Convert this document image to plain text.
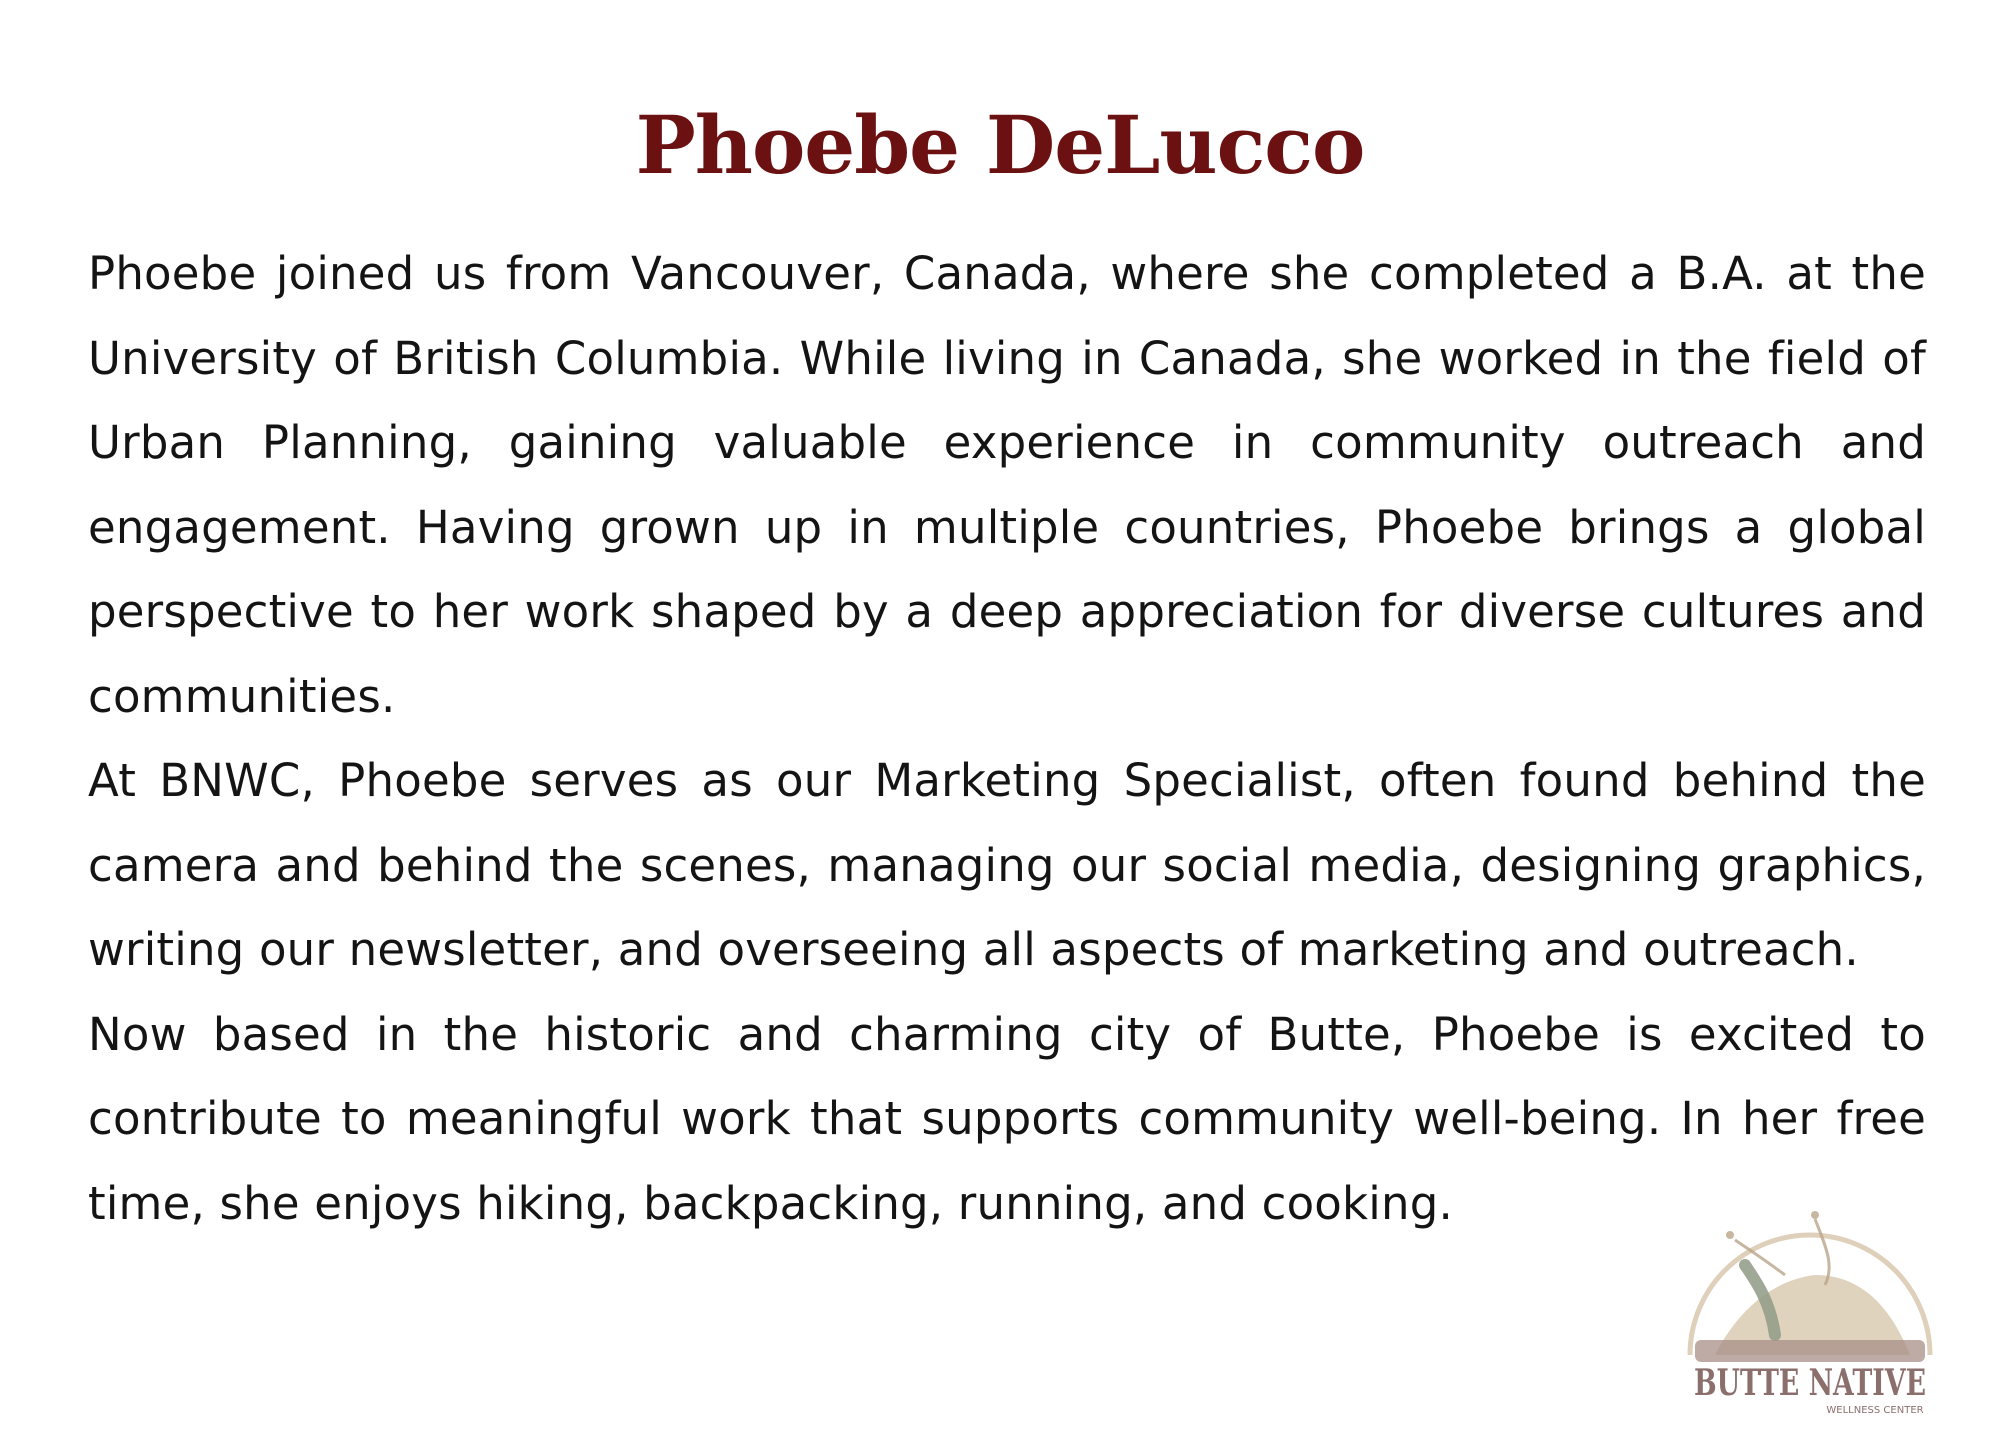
Phoebe DeLucco

Phoebe joined us from Vancouver, Canada, where she completed a B.A. at the University of British Columbia. While living in Canada, she worked in the field of Urban Planning, gaining valuable experience in community outreach and engagement. Having grown up in multiple countries, Phoebe brings a global perspective to her work shaped by a deep appreciation for diverse cultures and communities.

At BNWC, Phoebe serves as our Marketing Specialist, often found behind the camera and behind the scenes, managing our social media, designing graphics, writing our newsletter, and overseeing all aspects of marketing and outreach.

Now based in the historic and charming city of Butte, Phoebe is excited to contribute to meaningful work that supports community well-being. In her free time, she enjoys hiking, backpacking, running, and cooking.

BUTTE NATIVE
WELLNESS CENTER
